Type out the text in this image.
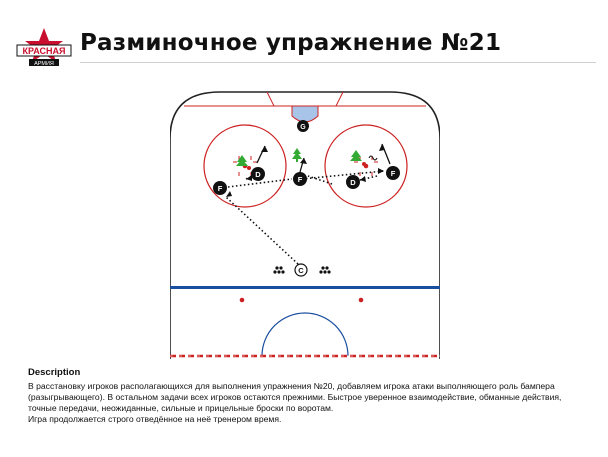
КРАСНАЯ
АРМИЯ
Разминочное упражнение №21
G
F
D
F	D
F
C
Description

В расстановку игроков располагающихся для выполнения упражнения №20, добавляем игрока атаки выполняющего роль бампера (разыгрывающего). В остальном задачи всех игроков остаются прежними. Быстрое уверенное взаимодействие, обманные действия, точные передачи, неожиданные, сильные и прицельные броски по воротам.

Игра продолжается строго отведённое на неё тренером время.
